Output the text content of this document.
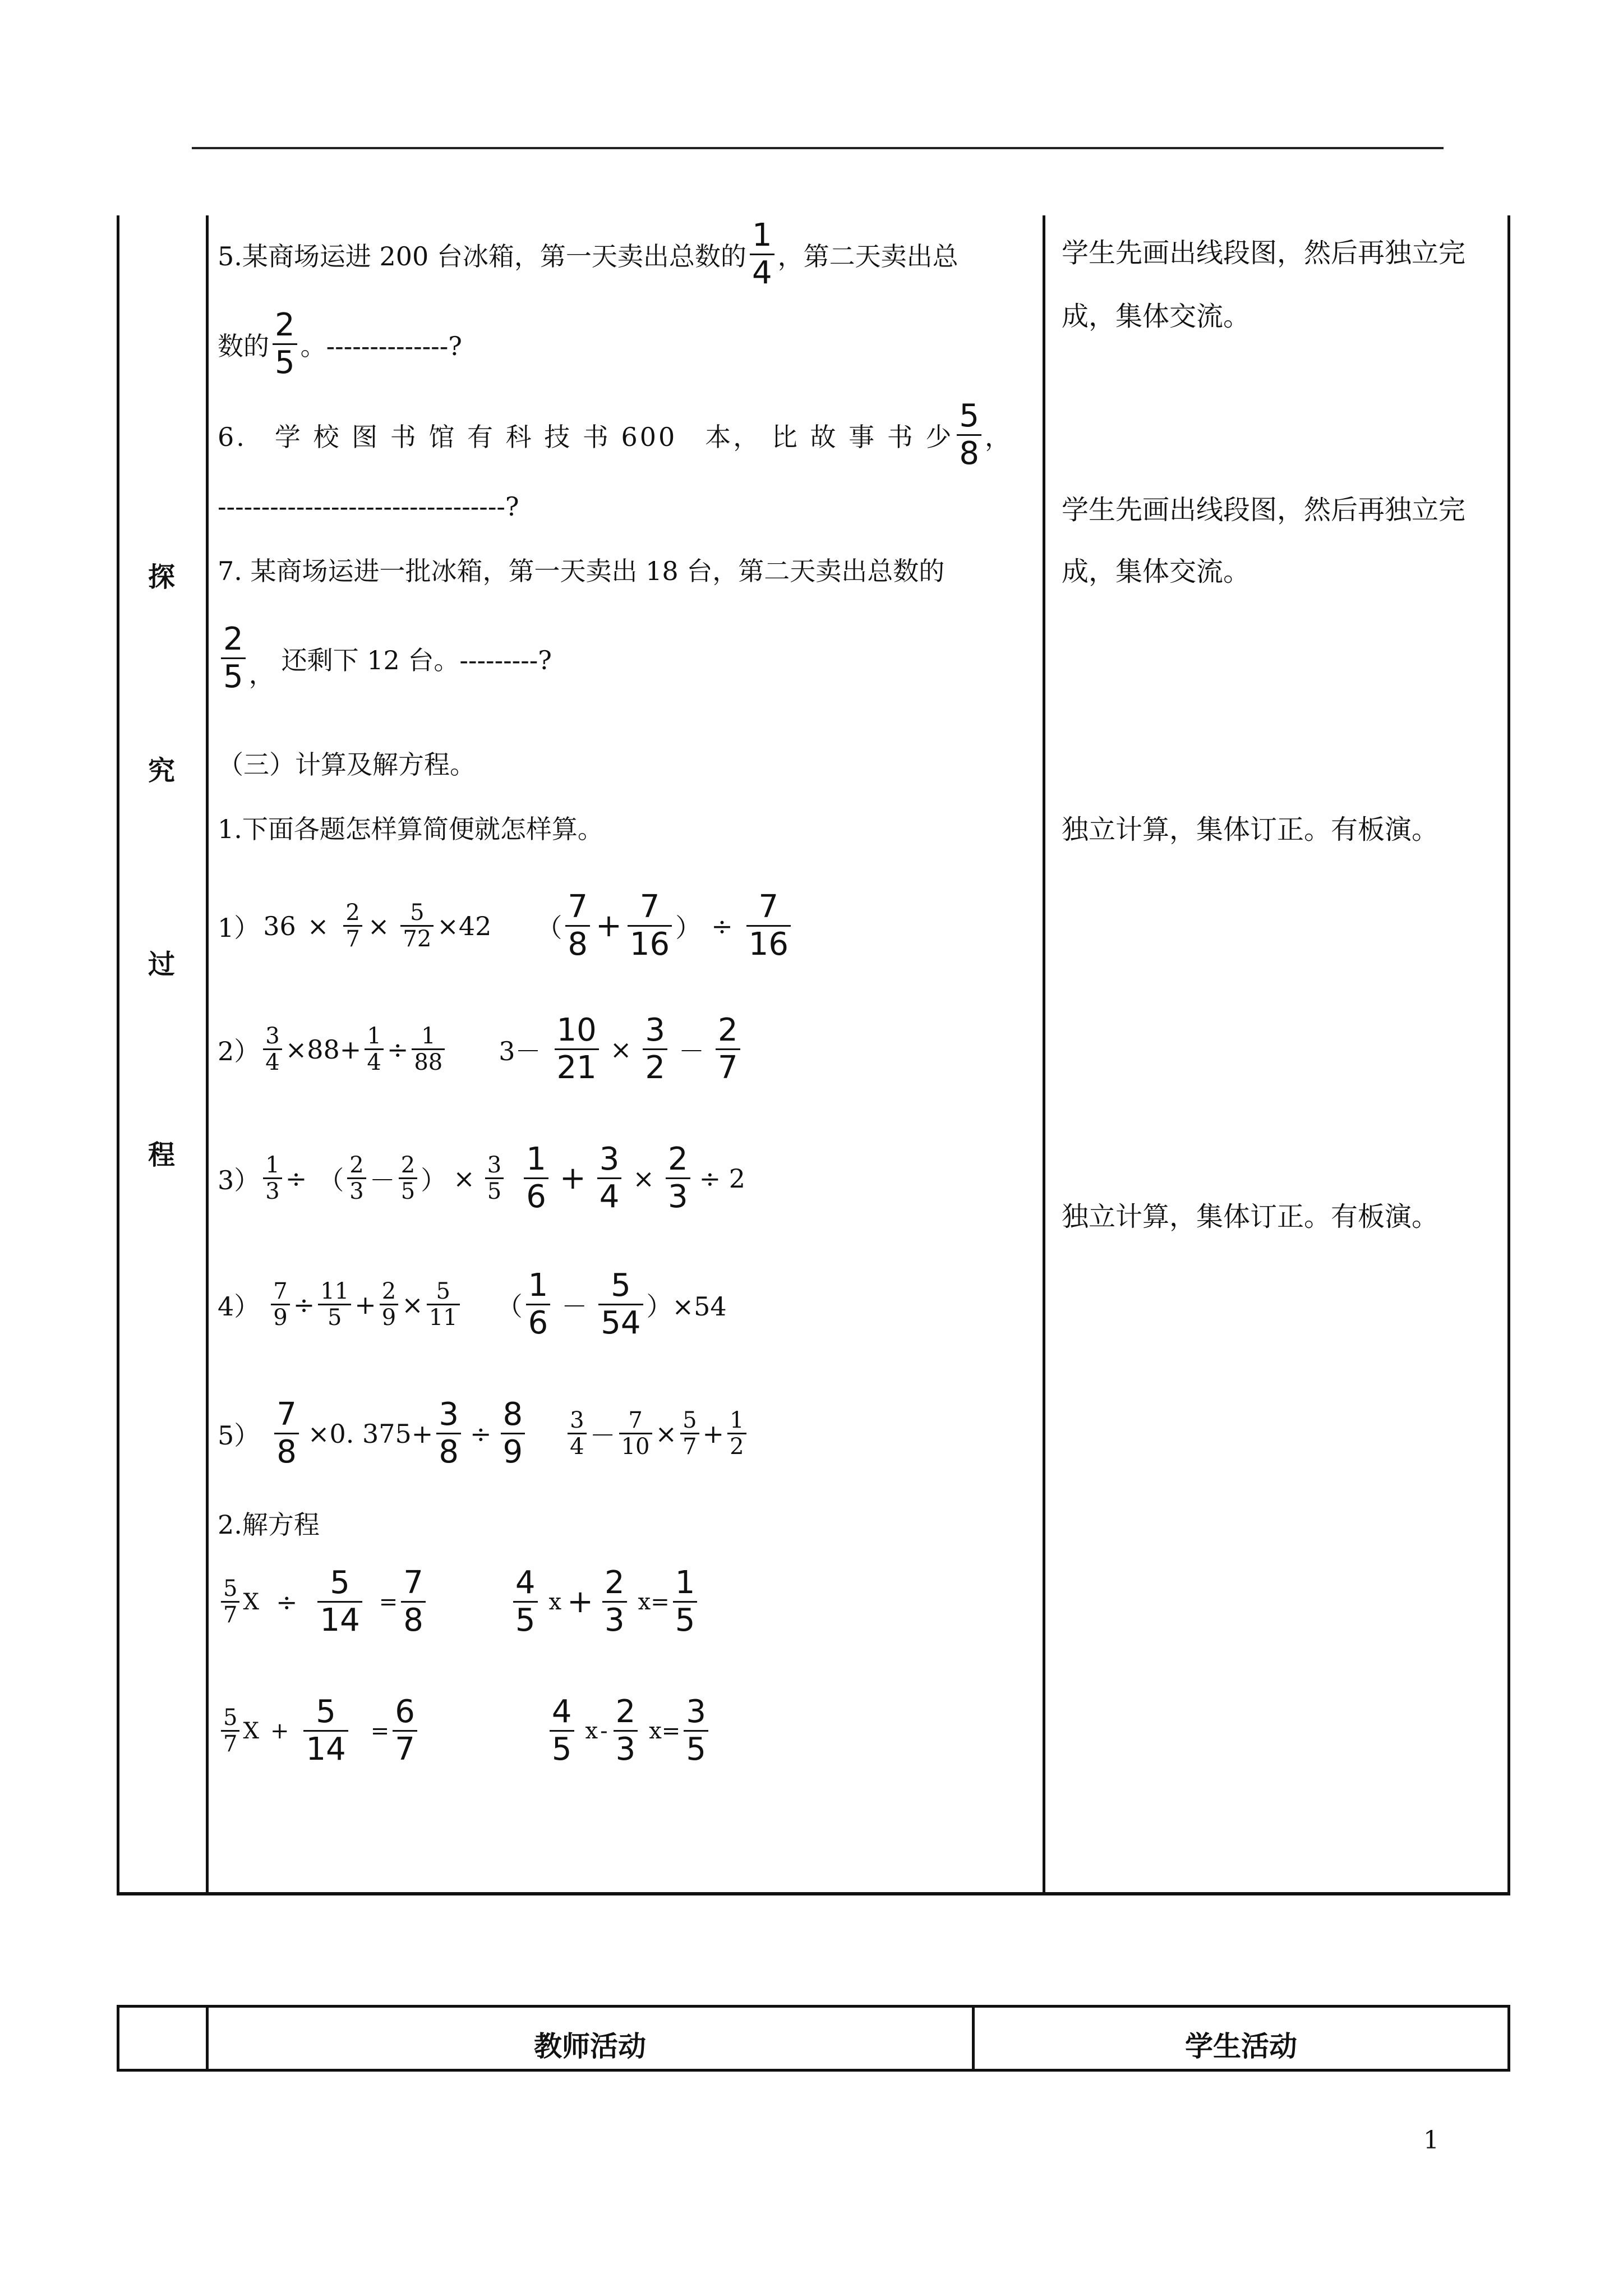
探
究
过
程
5.某商场运进 200 台冰箱，第一天卖出总数的
1
4 ，第二天卖出总
数的
2
5 。--------------?
6.　学 校 图 书 馆 有 科 技 书 600　本， 比 故 事 书 少
5
8 ，
---------------------------------?
7. 某商场运进一批冰箱，第一天卖出 18 台，第二天卖出总数的
2
5 ， 还剩下 12 台。---------?
（三）计算及解方程。
1.下面各题怎样算简便就怎样算。
1） 36 × 2
7 × 5
72 ×42 （
7
8
+
7
16 ） ÷
7
16
2）
3
4 ×88+ 1
4 ÷ 1
88 3－
10
21
×
3
2 －
2
7
3）
1
3 ÷ （
2
3 －
2
5 ） × 3
5
1
6
+
3
4
×
2
3
÷ 2
4）
7
9 ÷ 11
5 + 2
9 × 5
11 （
1
6 －
5
54 ）×54
5）
7
8
×0. 375+
3
8
÷
8
9
3
4 －
7
10 × 5
7 + 1
2
2.解方程
5
7
X ÷
5
14
=
7
8
4
5
x +
2
3
x =
1
5
5
7
X +
5
14
=
6
7
4
5
x -
2
3
x =
3
5
学生先画出线段图，然后再独立完
成，集体交流。
学生先画出线段图，然后再独立完
成，集体交流。
独立计算，集体订正。有板演。
独立计算，集体订正。有板演。
教师活动	学生活动
1
